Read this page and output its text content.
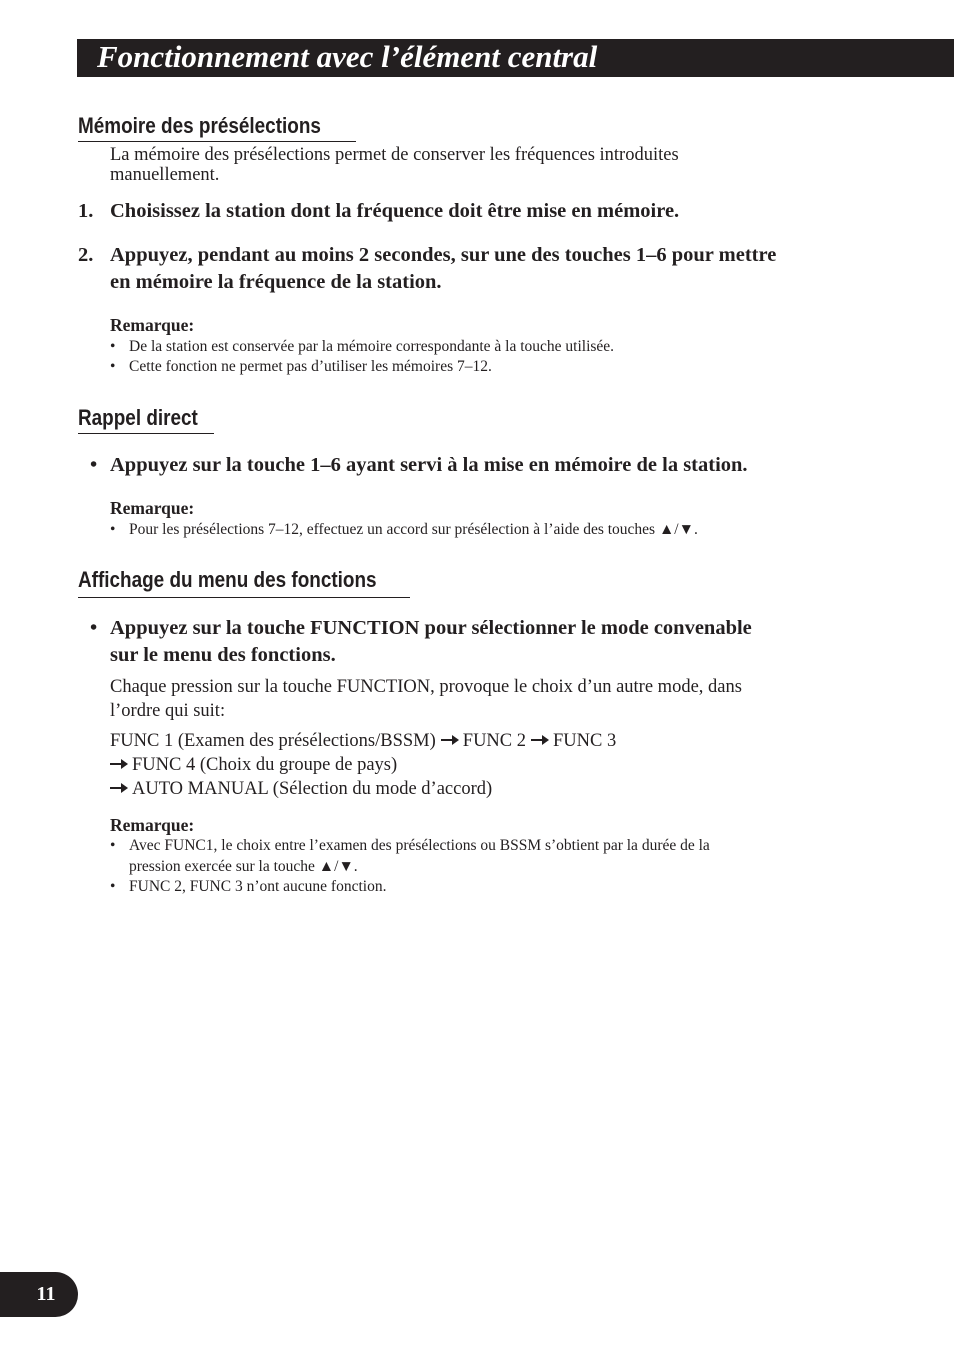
Fonctionnement avec l’élément central
Mémoire des présélections
La mémoire des présélections permet de conserver les fréquences introduites
manuellement.
1. Choisissez la station dont la fréquence doit être mise en mémoire.
2. Appuyez, pendant au moins 2 secondes, sur une des touches 1–6 pour mettre
en mémoire la fréquence de la station.
Remarque:
• De la station est conservée par la mémoire correspondante à la touche utilisée.
• Cette fonction ne permet pas d’utiliser les mémoires 7–12.
Rappel direct
• Appuyez sur la touche 1–6 ayant servi à la mise en mémoire de la station.
Remarque:
• Pour les présélections 7–12, effectuez un accord sur présélection à l’aide des touches ▲/▼.
Affichage du menu des fonctions
• Appuyez sur la touche FUNCTION pour sélectionner le mode convenable
sur le menu des fonctions.
Chaque pression sur la touche FUNCTION, provoque le choix d’un autre mode, dans
l’ordre qui suit:
FUNC 1 (Examen des présélections/BSSM) FUNC 2 FUNC 3
FUNC 4 (Choix du groupe de pays)
AUTO MANUAL (Sélection du mode d’accord)
Remarque:
• Avec FUNC1, le choix entre l’examen des présélections ou BSSM s’obtient par la durée de la
pression exercée sur la touche ▲/▼.
• FUNC 2, FUNC 3 n’ont aucune fonction.
11
